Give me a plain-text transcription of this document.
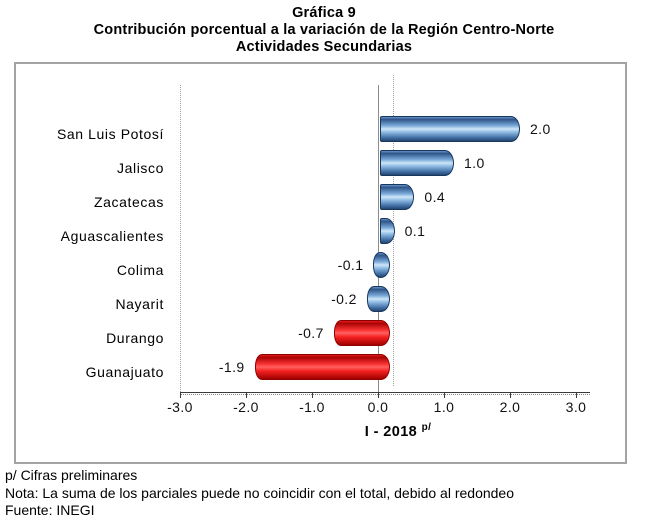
Gráfica 9
Contribución porcentual a la variación de la Región Centro-Norte
Actividades Secundarias
I - 2018 $^{p/}$
San Luis Potosí	2.0
Jalisco	1.0
Zacatecas	0.4
Aguascalientes	0.1
Colima	-0.1
Nayarit	-0.2
Durango	-0.7
Guanajuato	-1.9
-3.0	-2.0	-1.0	0.0	1.0	2.0	3.0
p/ Cifras preliminares
Nota: La suma de los parciales puede no coincidir con el total, debido al redondeo
Fuente: INEGI
